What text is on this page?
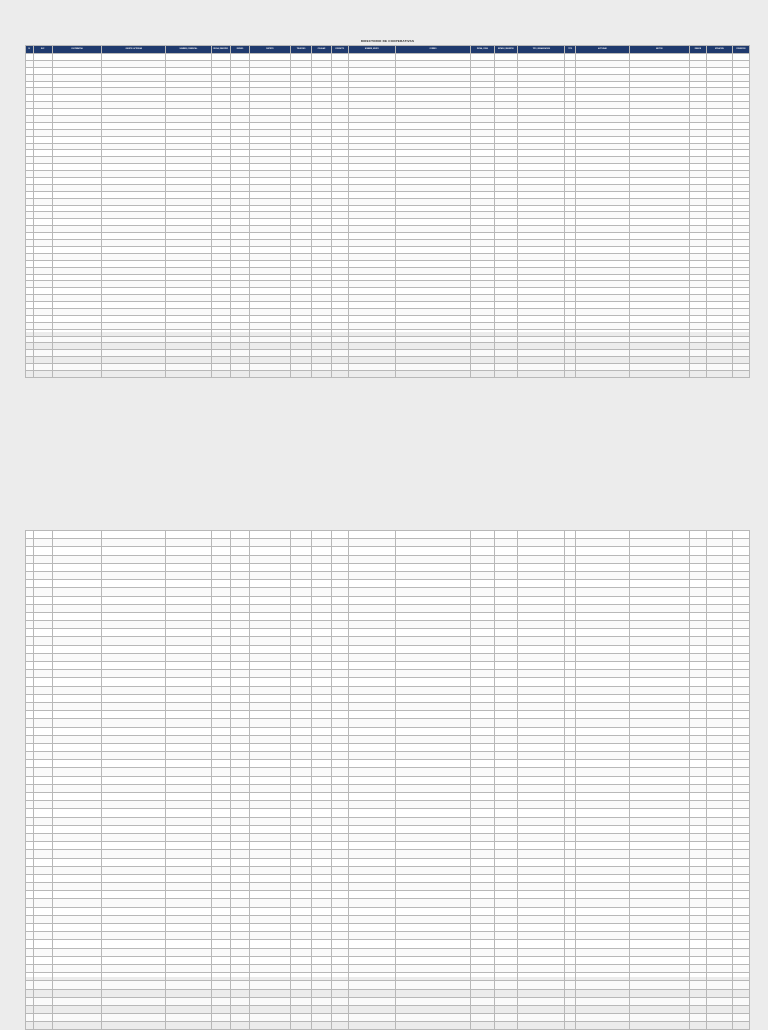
N°	RUC	COOPERATIVA	OBJETO / ACTIVIDAD	NOMBRE_COMERCIAL	FECHA_REGISTRO	ESTADO	DISTRITO	TELEFONO	CELULAR	CONTACTO	NOMBRE_GRUPO	CORREO	FECHA_CONS	ESTADO_REGISTRO	TIPO_ORGANIZACION	TIPO	ACTIVIDAD	SECTOR	REGION	SITUACION	CONDICION

DIRECTORIO DE COOPERATIVAS
